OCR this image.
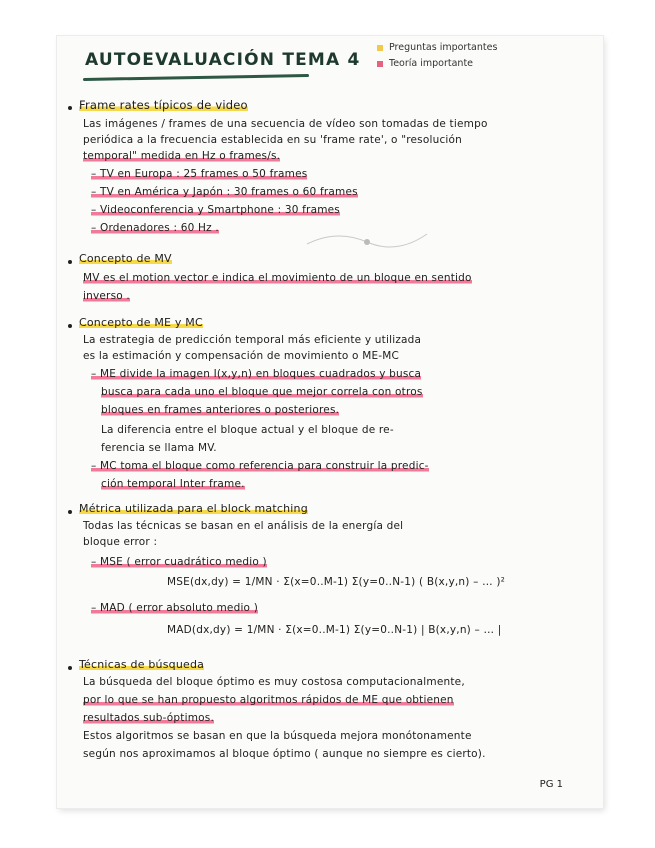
AUTOEVALUACIÓN TEMA 4
Preguntas importantes
Teoría importante
Frame rates típicos de video
Las imágenes / frames de una secuencia de vídeo son tomadas de tiempo
periódica a la frecuencia establecida en su 'frame rate', o "resolución
temporal" medida en Hz o frames/s.
– TV en Europa : 25 frames o 50 frames
– TV en América y Japón : 30 frames o 60 frames
– Videoconferencia y Smartphone : 30 frames
– Ordenadores : 60 Hz .
Concepto de MV
MV es el motion vector e indica el movimiento de un bloque en sentido
inverso .
Concepto de ME y MC
La estrategia de predicción temporal más eficiente y utilizada
es la estimación y compensación de movimiento o ME-MC
– ME divide la imagen I(x,y,n) en bloques cuadrados y busca
busca para cada uno el bloque que mejor correla con otros
bloques en frames anteriores o posteriores.
La diferencia entre el bloque actual y el bloque de re-
ferencia se llama MV.
– MC toma el bloque como referencia para construir la predic-
ción temporal Inter frame.
Métrica utilizada para el block matching
Todas las técnicas se basan en el análisis de la energía del
bloque error :
– MSE ( error cuadrático medio )
MSE(dx,dy) = 1/MN · Σ(x=0..M-1) Σ(y=0..N-1) ( B(x,y,n) – … )²
– MAD ( error absoluto medio )
MAD(dx,dy) = 1/MN · Σ(x=0..M-1) Σ(y=0..N-1) | B(x,y,n) – … |
Técnicas de búsqueda
La búsqueda del bloque óptimo es muy costosa computacionalmente,
por lo que se han propuesto algoritmos rápidos de ME que obtienen
resultados sub-óptimos.
Estos algoritmos se basan en que la búsqueda mejora monótonamente
según nos aproximamos al bloque óptimo ( aunque no siempre es cierto).
PG 1
